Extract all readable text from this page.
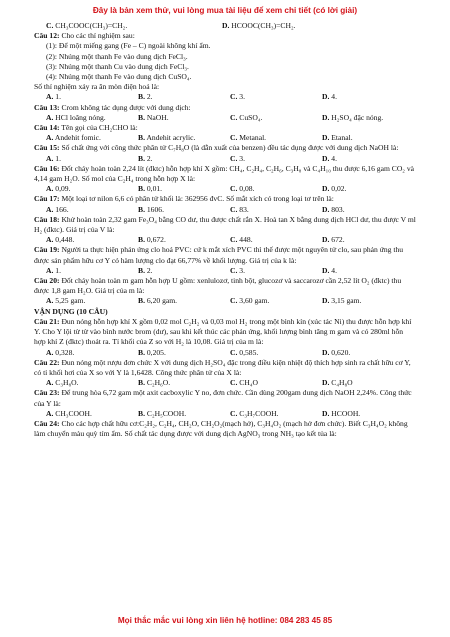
Đây là bản xem thử, vui lòng mua tài liệu để xem chi tiết (có lời giải)
C. CH₃COOC(CH₃)=CH₂.	D. HCOOC(CH₃)=CH₂.
Câu 12: Cho các thí nghiệm sau:
(1): Để một miếng gang (Fe – C) ngoài không khí ẩm.
(2): Nhúng một thanh Fe vào dung dịch FeCl₃.
(3): Nhúng một thanh Cu vào dung dịch FeCl₃.
(4): Nhúng một thanh Fe vào dung dịch CuSO₄.
Số thí nghiệm xảy ra ăn mòn điện hoá là:
A. 1.	B. 2.	C. 3.	D. 4.
Câu 13: Crom không tác dụng được với dung dịch:
A. HCl loãng nóng.	B. NaOH.	C. CuSO₄.	D. H₂SO₄ đặc nóng.
Câu 14: Tên gọi của CH₂CHO là:
A. Andehit fomic.	B. Andehit acrylic.	C. Metanal.	D. Etanal.
Câu 15: Số chất ứng với công thức phân tử C₇H₈O (là dẫn xuất của benzen) đều tác dụng được với dung dịch NaOH là:
A. 1.	B. 2.	C. 3.	D. 4.
Câu 16: Đốt cháy hoàn toàn 2,24 lít (đktc) hỗn hợp khí X gồm: CH₄, C₂H₄, C₂H₆, C₃H₈ và C₄H₁₀ thu được 6,16 gam CO₂ và 4,14 gam H₂O. Số mol của C₂H₄ trong hỗn hợp X là:
A. 0,09.	B. 0,01.	C. 0,08.	D. 0,02.
Câu 17: Một loại tơ nilon 6,6 có phân tử khối là: 362956 đvC. Số mắt xích có trong loại tơ trên là:
A. 166.	B. 1606.	C. 83.	D. 803.
Câu 18: Khử hoàn toàn 2,32 gam Fe₃O₄ bằng CO dư, thu được chất rắn X. Hoà tan X bằng dung dịch HCl dư, thu được V ml H₂ (đktc). Giá trị của V là:
A. 0,448.	B. 0,672.	C. 448.	D. 672.
Câu 19: Người ta thực hiện phản ứng clo hoá PVC: cứ k mắt xích PVC thì thế được một nguyên tử clo, sau phản ứng thu được sản phẩm hữu cơ Y có hàm lượng clo đạt 66,77% về khối lượng. Giá trị của k là:
A. 1.	B. 2.	C. 3.	D. 4.
Câu 20: Đốt cháy hoàn toàn m gam hỗn hợp U gồm: xenlulozơ, tinh bột, glucozơ và saccarozơ cần 2,52 lít O₂ (đktc) thu được 1,8 gam H₂O. Giá trị của m là:
A. 5,25 gam.	B. 6,20 gam.	C. 3,60 gam.	D. 3,15 gam.
VẬN DỤNG (10 CÂU)
Câu 21: Đun nóng hỗn hợp khí X gồm 0,02 mol C₂H₂ và 0,03 mol H₂ trong một bình kín (xúc tác Ni) thu được hỗn hợp khí Y. Cho Y lội từ từ vào bình nước brom (dư), sau khi kết thúc các phản ứng, khối lượng bình tăng m gam và có 280ml hỗn hợp khí Z (đktc) thoát ra. Tỉ khối của Z so với H₂ là 10,08. Giá trị của m là:
A. 0,328.	B. 0,205.	C. 0,585.	D. 0,620.
Câu 22: Đun nóng một rượu đơn chức X với dung dịch H₂SO₄ đặc trong điều kiện nhiệt độ thích hợp sinh ra chất hữu cơ Y, có tỉ khối hơi của X so với Y là 1,6428. Công thức phân tử của X là:
A. C₃H₈O.	B. C₂H₆O.	C. CH₄O	D. C₄H₈O
Câu 23: Để trung hòa 6,72 gam một axit cacboxylic Y no, đơn chức. Cần dùng 200gam dung dịch NaOH 2,24%. Công thức của Y là:
A. CH₃COOH.	B. C₂H₅COOH.	C. C₃H₇COOH.	D. HCOOH.
Câu 24: Cho các hợp chất hữu cơ:C₂H₂, C₂H₄, CH₂O, CH₂O₂(mạch hở), C₃H₄O₂ (mạch hở đơn chức). Biết C₃H₄O₂ không làm chuyển màu quỳ tím ẩm. Số chất tác dụng được với dung dịch AgNO₃ trong NH₃ tạo kết tủa là:
Mọi thắc mắc vui lòng xin liên hệ hotline: 084 283 45 85
